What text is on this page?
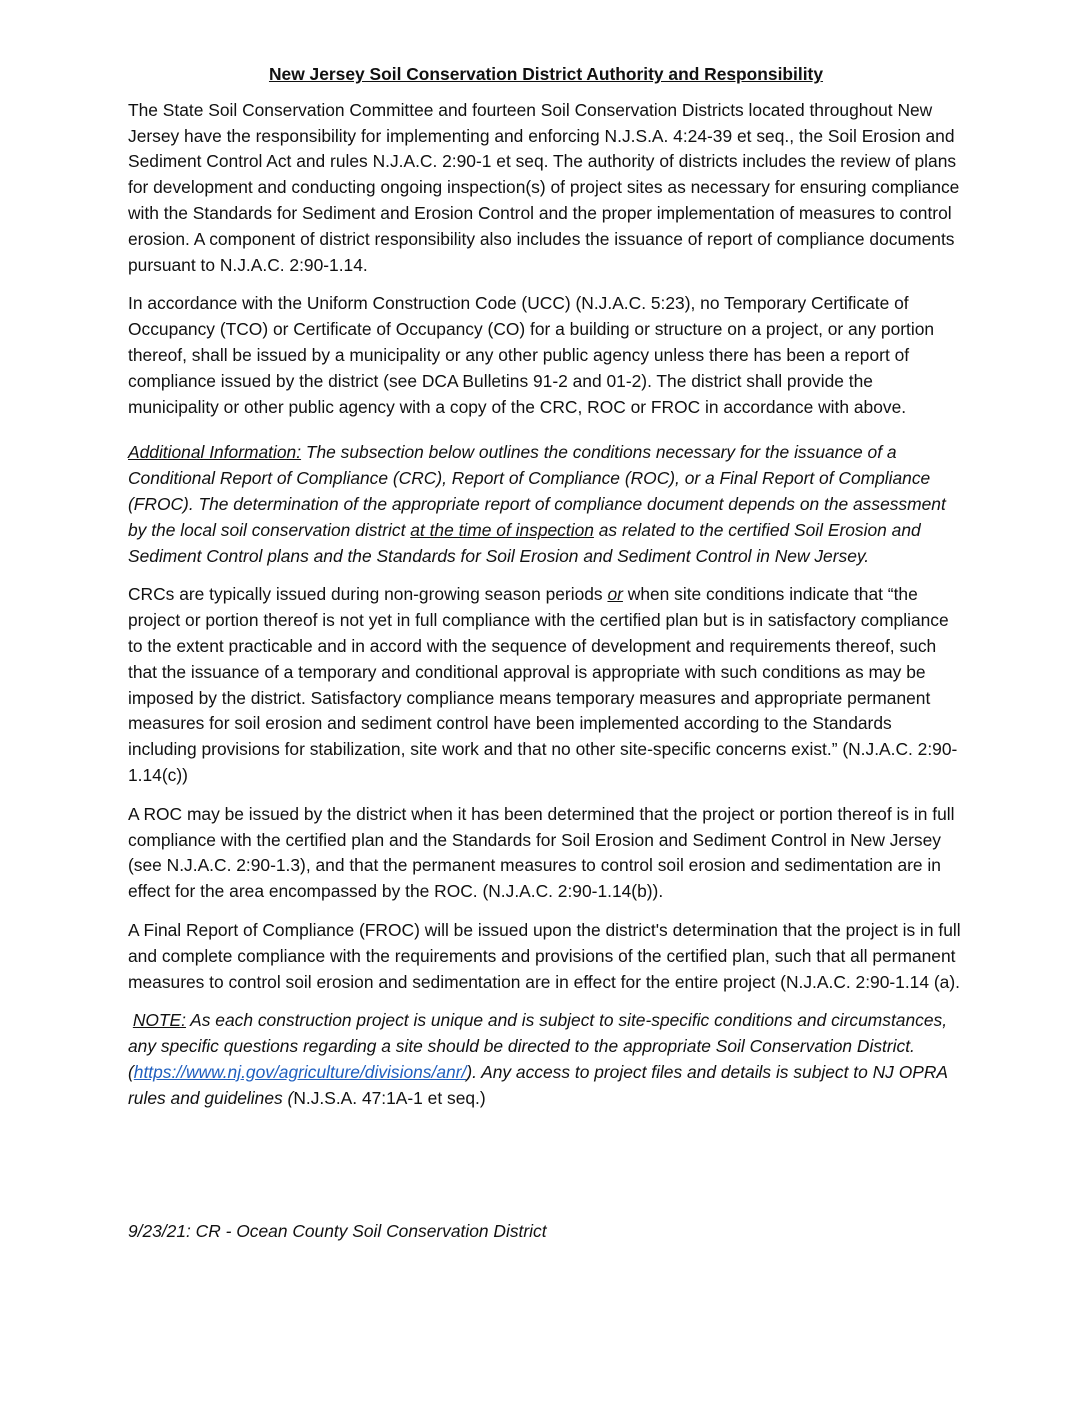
New Jersey Soil Conservation District Authority and Responsibility

The State Soil Conservation Committee and fourteen Soil Conservation Districts located throughout New Jersey have the responsibility for implementing and enforcing N.J.S.A. 4:24-39 et seq., the Soil Erosion and Sediment Control Act and rules N.J.A.C. 2:90-1 et seq. The authority of districts includes the review of plans for development and conducting ongoing inspection(s) of project sites as necessary for ensuring compliance with the Standards for Sediment and Erosion Control and the proper implementation of measures to control erosion. A component of district responsibility also includes the issuance of report of compliance documents pursuant to N.J.A.C. 2:90-1.14.

In accordance with the Uniform Construction Code (UCC) (N.J.A.C. 5:23), no Temporary Certificate of Occupancy (TCO) or Certificate of Occupancy (CO) for a building or structure on a project, or any portion thereof, shall be issued by a municipality or any other public agency unless there has been a report of compliance issued by the district (see DCA Bulletins 91-2 and 01-2). The district shall provide the municipality or other public agency with a copy of the CRC, ROC or FROC in accordance with above.

Additional Information: The subsection below outlines the conditions necessary for the issuance of a Conditional Report of Compliance (CRC), Report of Compliance (ROC), or a Final Report of Compliance (FROC). The determination of the appropriate report of compliance document depends on the assessment by the local soil conservation district at the time of inspection as related to the certified Soil Erosion and Sediment Control plans and the Standards for Soil Erosion and Sediment Control in New Jersey.

CRCs are typically issued during non-growing season periods or when site conditions indicate that “the project or portion thereof is not yet in full compliance with the certified plan but is in satisfactory compliance to the extent practicable and in accord with the sequence of development and requirements thereof, such that the issuance of a temporary and conditional approval is appropriate with such conditions as may be imposed by the district. Satisfactory compliance means temporary measures and appropriate permanent measures for soil erosion and sediment control have been implemented according to the Standards including provisions for stabilization, site work and that no other site-specific concerns exist.” (N.J.A.C. 2:90-1.14(c))

A ROC may be issued by the district when it has been determined that the project or portion thereof is in full compliance with the certified plan and the Standards for Soil Erosion and Sediment Control in New Jersey (see N.J.A.C. 2:90-1.3), and that the permanent measures to control soil erosion and sedimentation are in effect for the area encompassed by the ROC. (N.J.A.C. 2:90-1.14(b)).

A Final Report of Compliance (FROC) will be issued upon the district's determination that the project is in full and complete compliance with the requirements and provisions of the certified plan, such that all permanent measures to control soil erosion and sedimentation are in effect for the entire project (N.J.A.C. 2:90-1.14 (a).

NOTE: As each construction project is unique and is subject to site-specific conditions and circumstances, any specific questions regarding a site should be directed to the appropriate Soil Conservation District. (https://www.nj.gov/agriculture/divisions/anr/). Any access to project files and details is subject to NJ OPRA rules and guidelines (N.J.S.A. 47:1A-1 et seq.)

9/23/21: CR - Ocean County Soil Conservation District
